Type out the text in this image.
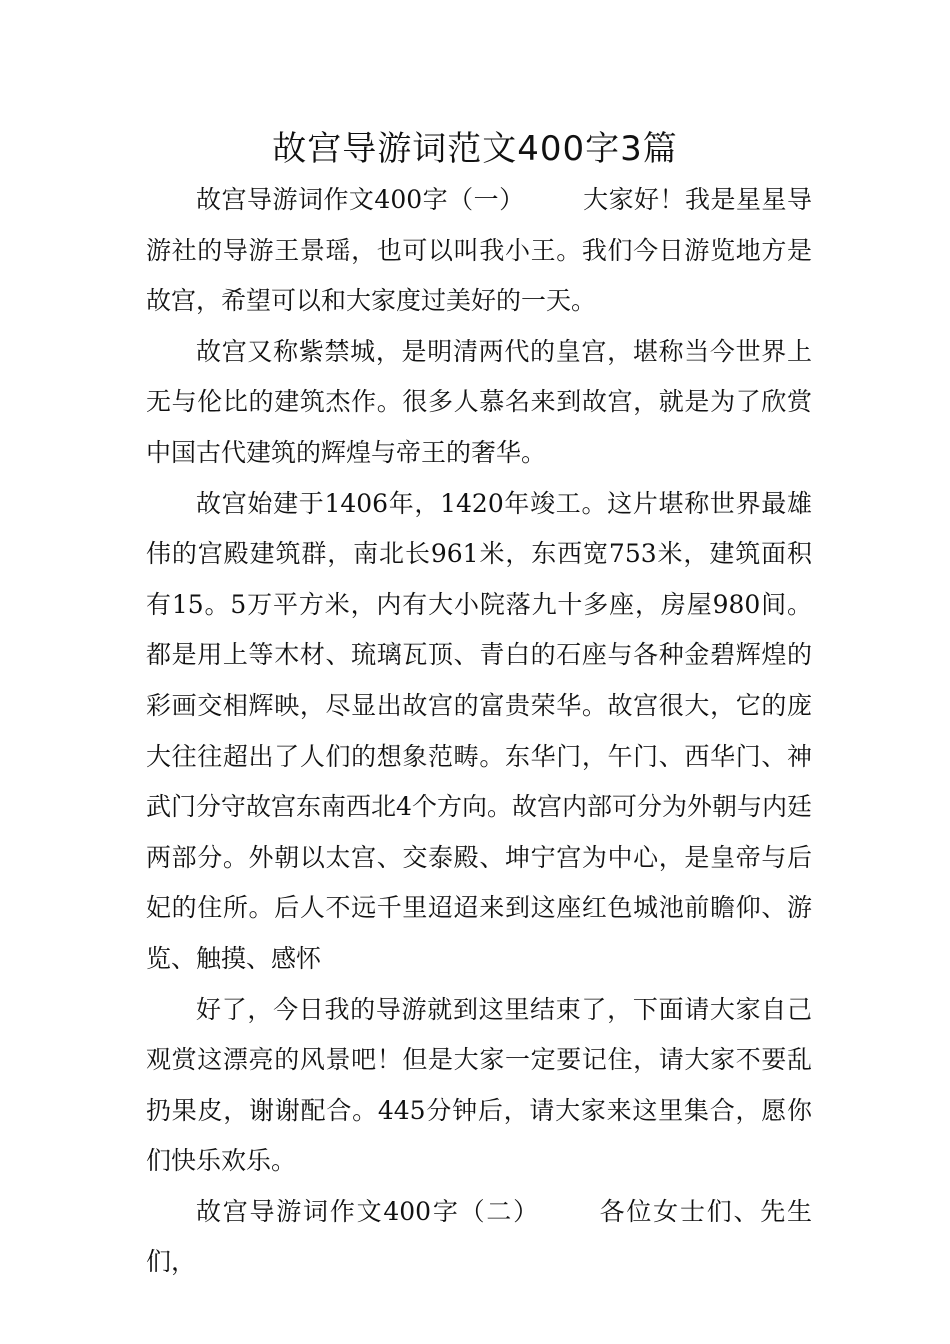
故宫导游词范文400字3篇

故宫导游词作文400字（一） 大家好！我是星星导游社的导游王景瑶，也可以叫我小王。我们今日游览地方是故宫，希望可以和大家度过美好的一天。

故宫又称紫禁城，是明清两代的皇宫，堪称当今世界上无与伦比的建筑杰作。很多人慕名来到故宫，就是为了欣赏中国古代建筑的辉煌与帝王的奢华。

故宫始建于1406年，1420年竣工。这片堪称世界最雄伟的宫殿建筑群，南北长961米，东西宽753米，建筑面积有15。5万平方米，内有大小院落九十多座，房屋980间。都是用上等木材、琉璃瓦顶、青白的石座与各种金碧辉煌的彩画交相辉映，尽显出故宫的富贵荣华。故宫很大，它的庞大往往超出了人们的想象范畴。东华门，午门、西华门、神武门分守故宫东南西北4个方向。故宫内部可分为外朝与内廷两部分。外朝以太宫、交泰殿、坤宁宫为中心，是皇帝与后妃的住所。后人不远千里迢迢来到这座红色城池前瞻仰、游览、触摸、感怀

好了，今日我的导游就到这里结束了，下面请大家自己观赏这漂亮的风景吧！但是大家一定要记住，请大家不要乱扔果皮，谢谢配合。445分钟后，请大家来这里集合，愿你们快乐欢乐。

故宫导游词作文400字（二） 各位女士们、先生们，
